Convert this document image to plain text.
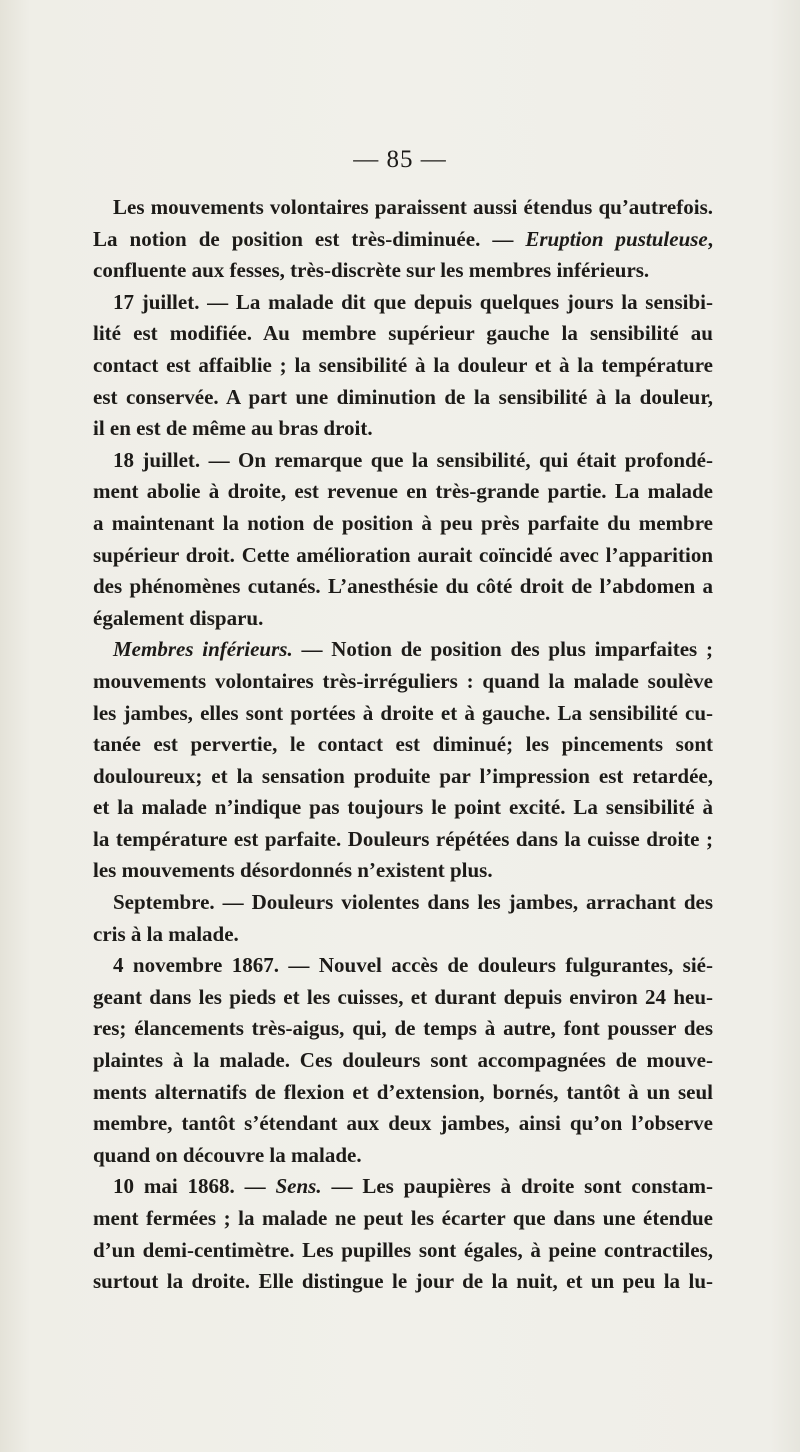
— 85 —
Les mouvements volontaires paraissent aussi étendus qu’autrefois.
La notion de position est très-diminuée. — Eruption pustuleuse,
confluente aux fesses, très-discrète sur les membres inférieurs.
17 juillet. — La malade dit que depuis quelques jours la sensibi-
lité est modifiée. Au membre supérieur gauche la sensibilité au
contact est affaiblie ; la sensibilité à la douleur et à la température
est conservée. A part une diminution de la sensibilité à la douleur,
il en est de même au bras droit.
18 juillet. — On remarque que la sensibilité, qui était profondé-
ment abolie à droite, est revenue en très-grande partie. La malade
a maintenant la notion de position à peu près parfaite du membre
supérieur droit. Cette amélioration aurait coïncidé avec l’apparition
des phénomènes cutanés. L’anesthésie du côté droit de l’abdomen a
également disparu.
Membres inférieurs. — Notion de position des plus imparfaites ;
mouvements volontaires très-irréguliers : quand la malade soulève
les jambes, elles sont portées à droite et à gauche. La sensibilité cu-
tanée est pervertie, le contact est diminué; les pincements sont
douloureux; et la sensation produite par l’impression est retardée,
et la malade n’indique pas toujours le point excité. La sensibilité à
la température est parfaite. Douleurs répétées dans la cuisse droite ;
les mouvements désordonnés n’existent plus.
Septembre. — Douleurs violentes dans les jambes, arrachant des
cris à la malade.
4 novembre 1867. — Nouvel accès de douleurs fulgurantes, sié-
geant dans les pieds et les cuisses, et durant depuis environ 24 heu-
res; élancements très-aigus, qui, de temps à autre, font pousser des
plaintes à la malade. Ces douleurs sont accompagnées de mouve-
ments alternatifs de flexion et d’extension, bornés, tantôt à un seul
membre, tantôt s’étendant aux deux jambes, ainsi qu’on l’observe
quand on découvre la malade.
10 mai 1868. — Sens. — Les paupières à droite sont constam-
ment fermées ; la malade ne peut les écarter que dans une étendue
d’un demi-centimètre. Les pupilles sont égales, à peine contractiles,
surtout la droite. Elle distingue le jour de la nuit, et un peu la lu-
